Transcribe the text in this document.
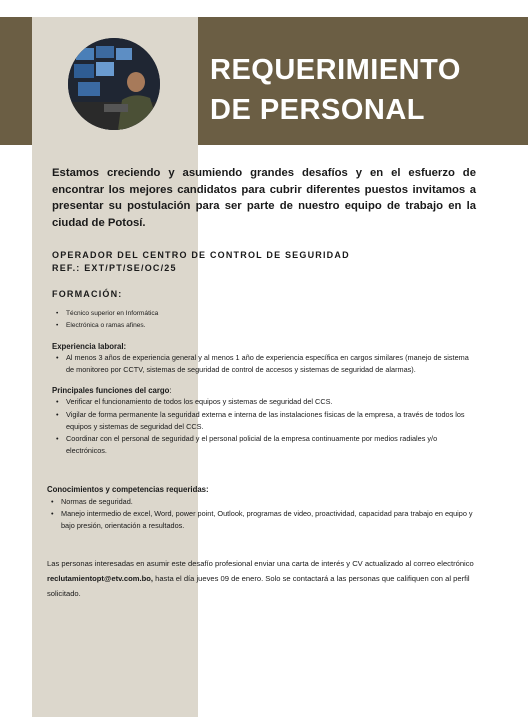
REQUERIMIENTO
DE PERSONAL

Estamos creciendo y asumiendo grandes desafíos y en el esfuerzo de encontrar los mejores candidatos para cubrir diferentes puestos invitamos a presentar su postulación para ser parte de nuestro equipo de trabajo en la ciudad de Potosí.

OPERADOR DEL CENTRO DE CONTROL DE SEGURIDAD
REF.: EXT/PT/SE/OC/25
FORMACIÓN:
• Técnico superior en Informática
• Electrónica o ramas afines.
Experiencia laboral:
• Al menos 3 años de experiencia general y al menos 1 año de experiencia específica en cargos similares (manejo de sistema de monitoreo por CCTV, sistemas de seguridad de control de accesos y sistemas de seguridad de alarmas).
Principales funciones del cargo:
• Verificar el funcionamiento de todos los equipos y sistemas de seguridad del CCS.
• Vigilar de forma permanente la seguridad externa e interna de las instalaciones físicas de la empresa, a través de todos los equipos y sistemas de seguridad del CCS.
• Coordinar con el personal de seguridad y el personal policial de la empresa continuamente por medios radiales y/o electrónicos.
Conocimientos y competencias requeridas:
• Normas de seguridad.
• Manejo intermedio de excel, Word, power point, Outlook, programas de video, proactividad, capacidad para trabajo en equipo y bajo presión, orientación a resultados.

Las personas interesadas en asumir este desafío profesional enviar una carta de interés y CV actualizado al correo electrónico reclutamientopt@etv.com.bo, hasta el día jueves 09 de enero. Solo se contactará a las personas que califiquen con al perfil solicitado.
